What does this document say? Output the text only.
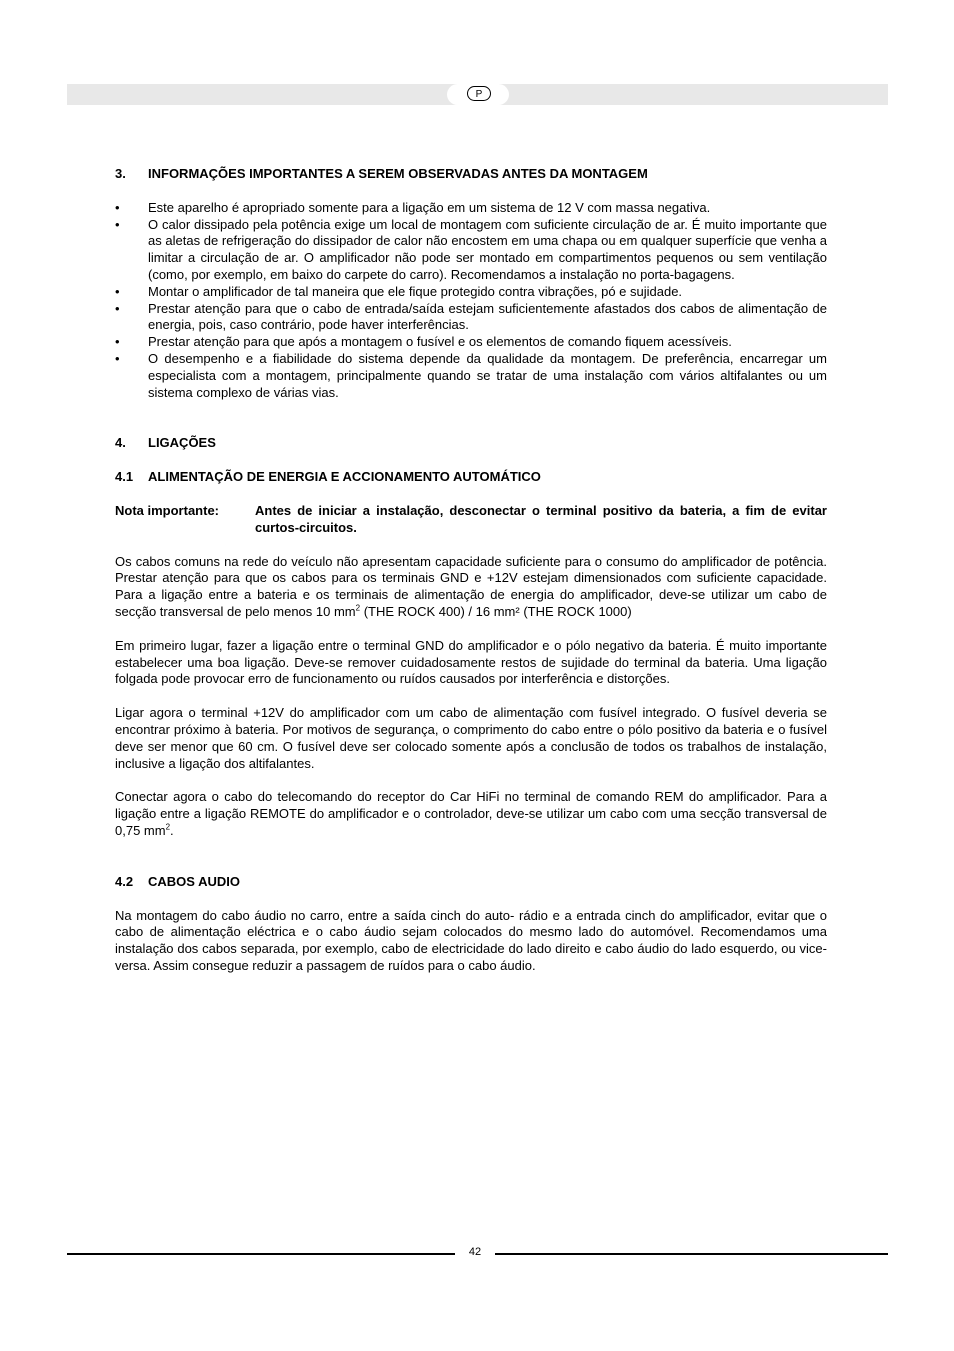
P
3.	INFORMAÇÕES IMPORTANTES A SEREM OBSERVADAS ANTES DA MONTAGEM
•	Este aparelho é apropriado somente para a ligação em um sistema de 12 V com massa negativa.
•	O calor dissipado pela potência exige um local de montagem com suficiente circulação de ar. É muito importante que as aletas de refrigeração do dissipador de calor não encostem em uma chapa ou em qualquer superfície que venha a limitar a circulação de ar. O amplificador não pode ser montado em compartimentos pequenos ou sem ventilação (como, por exemplo, em baixo do carpete do carro). Recomendamos a instalação no porta-bagagens.
•	Montar o amplificador de tal maneira que ele fique protegido contra vibrações, pó e sujidade.
•	Prestar atenção para que o cabo de entrada/saída estejam suficientemente afastados dos cabos de alimentação de energia, pois, caso contrário, pode haver interferências.
•	Prestar atenção para que após a montagem o fusível e os elementos de comando fiquem acessíveis.
•	O desempenho e a fiabilidade do sistema depende da qualidade da montagem. De preferência, encarregar um especialista com a montagem, principalmente quando se tratar de uma instalação com vários altifalantes ou um sistema complexo de várias vias.
4.	LIGAÇÕES
4.1	ALIMENTAÇÃO DE ENERGIA E ACCIONAMENTO AUTOMÁTICO
Nota importante:	Antes de iniciar a instalação, desconectar o terminal positivo da bateria, a fim de evitar curtos-circuitos.

Os cabos comuns na rede do veículo não apresentam capacidade suficiente para o consumo do amplificador de potência. Prestar atenção para que os cabos para os terminais GND e +12V estejam dimensionados com suficiente capacidade. Para a ligação entre a bateria e os terminais de alimentação de energia do amplificador, deve-se utilizar um cabo de secção transversal de pelo menos 10 $mm^2$ (THE ROCK 400) / 16 mm² (THE ROCK 1000)

Em primeiro lugar, fazer a ligação entre o terminal GND do amplificador e o pólo negativo da bateria. É muito importante estabelecer uma boa ligação. Deve-se remover cuidadosamente restos de sujidade do terminal da bateria. Uma ligação folgada pode provocar erro de funcionamento ou ruídos causados por interferência e distorções.

Ligar agora o terminal +12V do amplificador com um cabo de alimentação com fusível integrado. O fusível deveria se encontrar próximo à bateria. Por motivos de segurança, o comprimento do cabo entre o pólo positivo da bateria e o fusível deve ser menor que 60 cm. O fusível deve ser colocado somente após a conclusão de todos os trabalhos de instalação, inclusive a ligação dos altifalantes.

Conectar agora o cabo do telecomando do receptor do Car HiFi no terminal de comando REM do amplificador. Para a ligação entre a ligação REMOTE do amplificador e o controlador, deve-se utilizar um cabo com uma secção transversal de 0,75 $mm^2$.

4.2	CABOS AUDIO

Na montagem do cabo áudio no carro, entre a saída cinch do auto- rádio e a entrada cinch do amplificador, evitar que o cabo de alimentação eléctrica e o cabo áudio sejam colocados do mesmo lado do automóvel. Recomendamos uma instalação dos cabos separada, por exemplo, cabo de electricidade do lado direito e cabo áudio do lado esquerdo, ou vice-versa. Assim consegue reduzir a passagem de ruídos para o cabo áudio.

42
